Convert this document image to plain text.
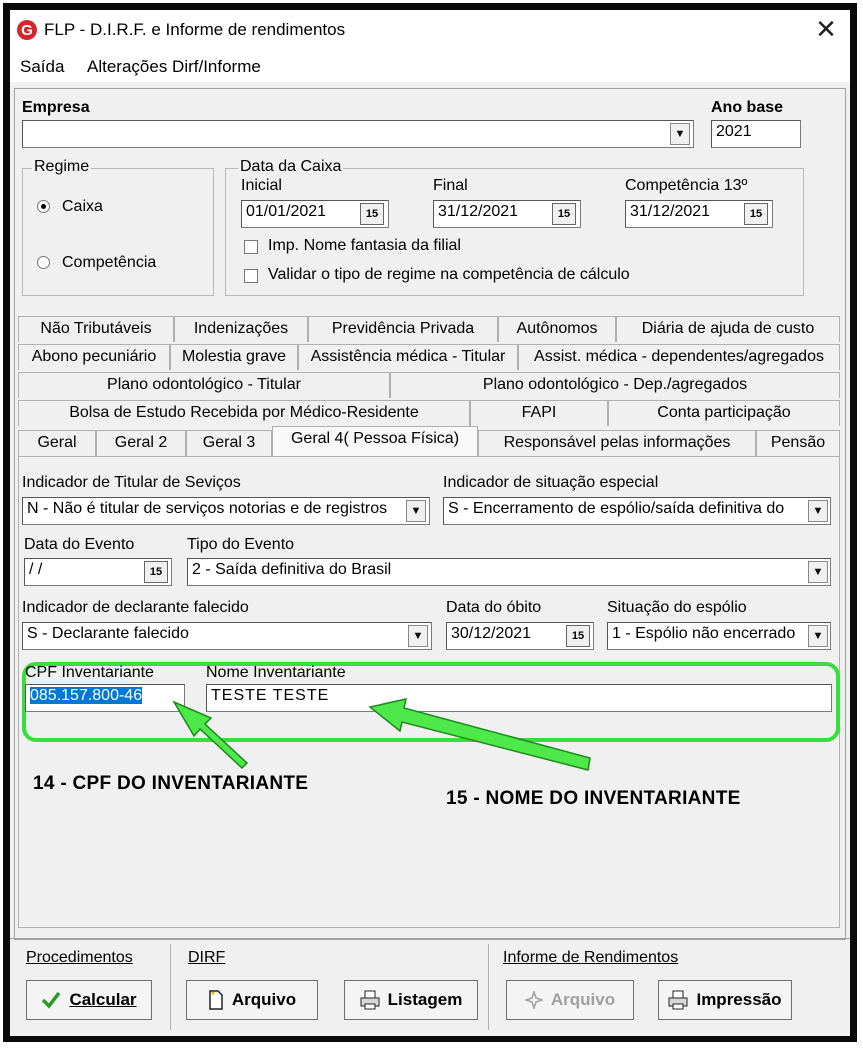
G FLP - D.I.R.F. e Informe de rendimentos	✕
Saída Alterações Dirf/Informe
Empresa
▼
Ano base
2021
Regime
Caixa
Competência
Data da Caixa
Inicial
01/01/2021	15
Final
31/12/2021	15
Competência 13º
31/12/2021	15
Imp. Nome fantasia da filial
Validar o tipo de regime na competência de cálculo
Não Tributáveis	Indenizações	Previdência Privada	Autônomos	Diária de ajuda de custo
Abono pecuniário	Molestia grave	Assistência médica - Titular	Assist. médica - dependentes/agregados
Plano odontológico - Titular	Plano odontológico - Dep./agregados
Bolsa de Estudo Recebida por Médico-Residente	FAPI	Conta participação
Geral	Geral 2	Geral 3	Geral 4( Pessoa Física)	Responsável pelas informações	Pensão
Indicador de Titular de Seviços
N - Não é titular de serviços notorias e de registros	▼
Indicador de situação especial
S - Encerramento de espólio/saída definitiva do	▼
Data do Evento
/ /	15
Tipo do Evento
2 - Saída definitiva do Brasil	▼
Indicador de declarante falecido
S - Declarante falecido	▼
Data do óbito
30/12/2021	15
Situação do espólio
1 - Espólio não encerrado	▼
CPF Inventariante
085.157.800-46
Nome Inventariante
TESTE TESTE
14 - CPF DO INVENTARIANTE
15 - NOME DO INVENTARIANTE
Procedimentos	DIRF	Informe de Rendimentos
Calcular	Arquivo	Listagem	Arquivo	Impressão
